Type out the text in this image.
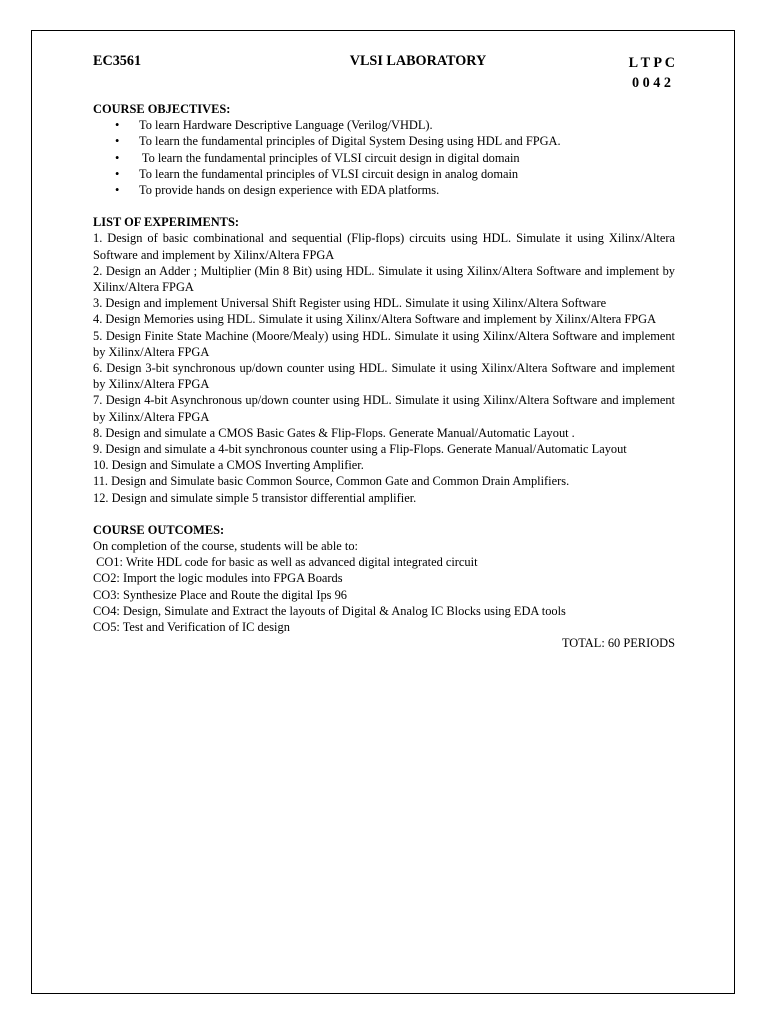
EC3561	VLSI LABORATORY	L T P C
0 0 4 2
COURSE OBJECTIVES:
• To learn Hardware Descriptive Language (Verilog/VHDL).
• To learn the fundamental principles of Digital System Desing using HDL and FPGA.
• To learn the fundamental principles of VLSI circuit design in digital domain
• To learn the fundamental principles of VLSI circuit design in analog domain
• To provide hands on design experience with EDA platforms.
LIST OF EXPERIMENTS:
1. Design of basic combinational and sequential (Flip-flops) circuits using HDL. Simulate it using Xilinx/Altera Software and implement by Xilinx/Altera FPGA
2. Design an Adder ; Multiplier (Min 8 Bit) using HDL. Simulate it using Xilinx/Altera Software and implement by Xilinx/Altera FPGA
3. Design and implement Universal Shift Register using HDL. Simulate it using Xilinx/Altera Software
4. Design Memories using HDL. Simulate it using Xilinx/Altera Software and implement by Xilinx/Altera FPGA
5. Design Finite State Machine (Moore/Mealy) using HDL. Simulate it using Xilinx/Altera Software and implement by Xilinx/Altera FPGA
6. Design 3-bit synchronous up/down counter using HDL. Simulate it using Xilinx/Altera Software and implement by Xilinx/Altera FPGA
7. Design 4-bit Asynchronous up/down counter using HDL. Simulate it using Xilinx/Altera Software and implement by Xilinx/Altera FPGA
8. Design and simulate a CMOS Basic Gates & Flip-Flops. Generate Manual/Automatic Layout .
9. Design and simulate a 4-bit synchronous counter using a Flip-Flops. Generate Manual/Automatic Layout
10. Design and Simulate a CMOS Inverting Amplifier.
11. Design and Simulate basic Common Source, Common Gate and Common Drain Amplifiers.
12. Design and simulate simple 5 transistor differential amplifier.
COURSE OUTCOMES:
On completion of the course, students will be able to:
CO1: Write HDL code for basic as well as advanced digital integrated circuit
CO2: Import the logic modules into FPGA Boards
CO3: Synthesize Place and Route the digital Ips 96
CO4: Design, Simulate and Extract the layouts of Digital & Analog IC Blocks using EDA tools
CO5: Test and Verification of IC design
TOTAL: 60 PERIODS
